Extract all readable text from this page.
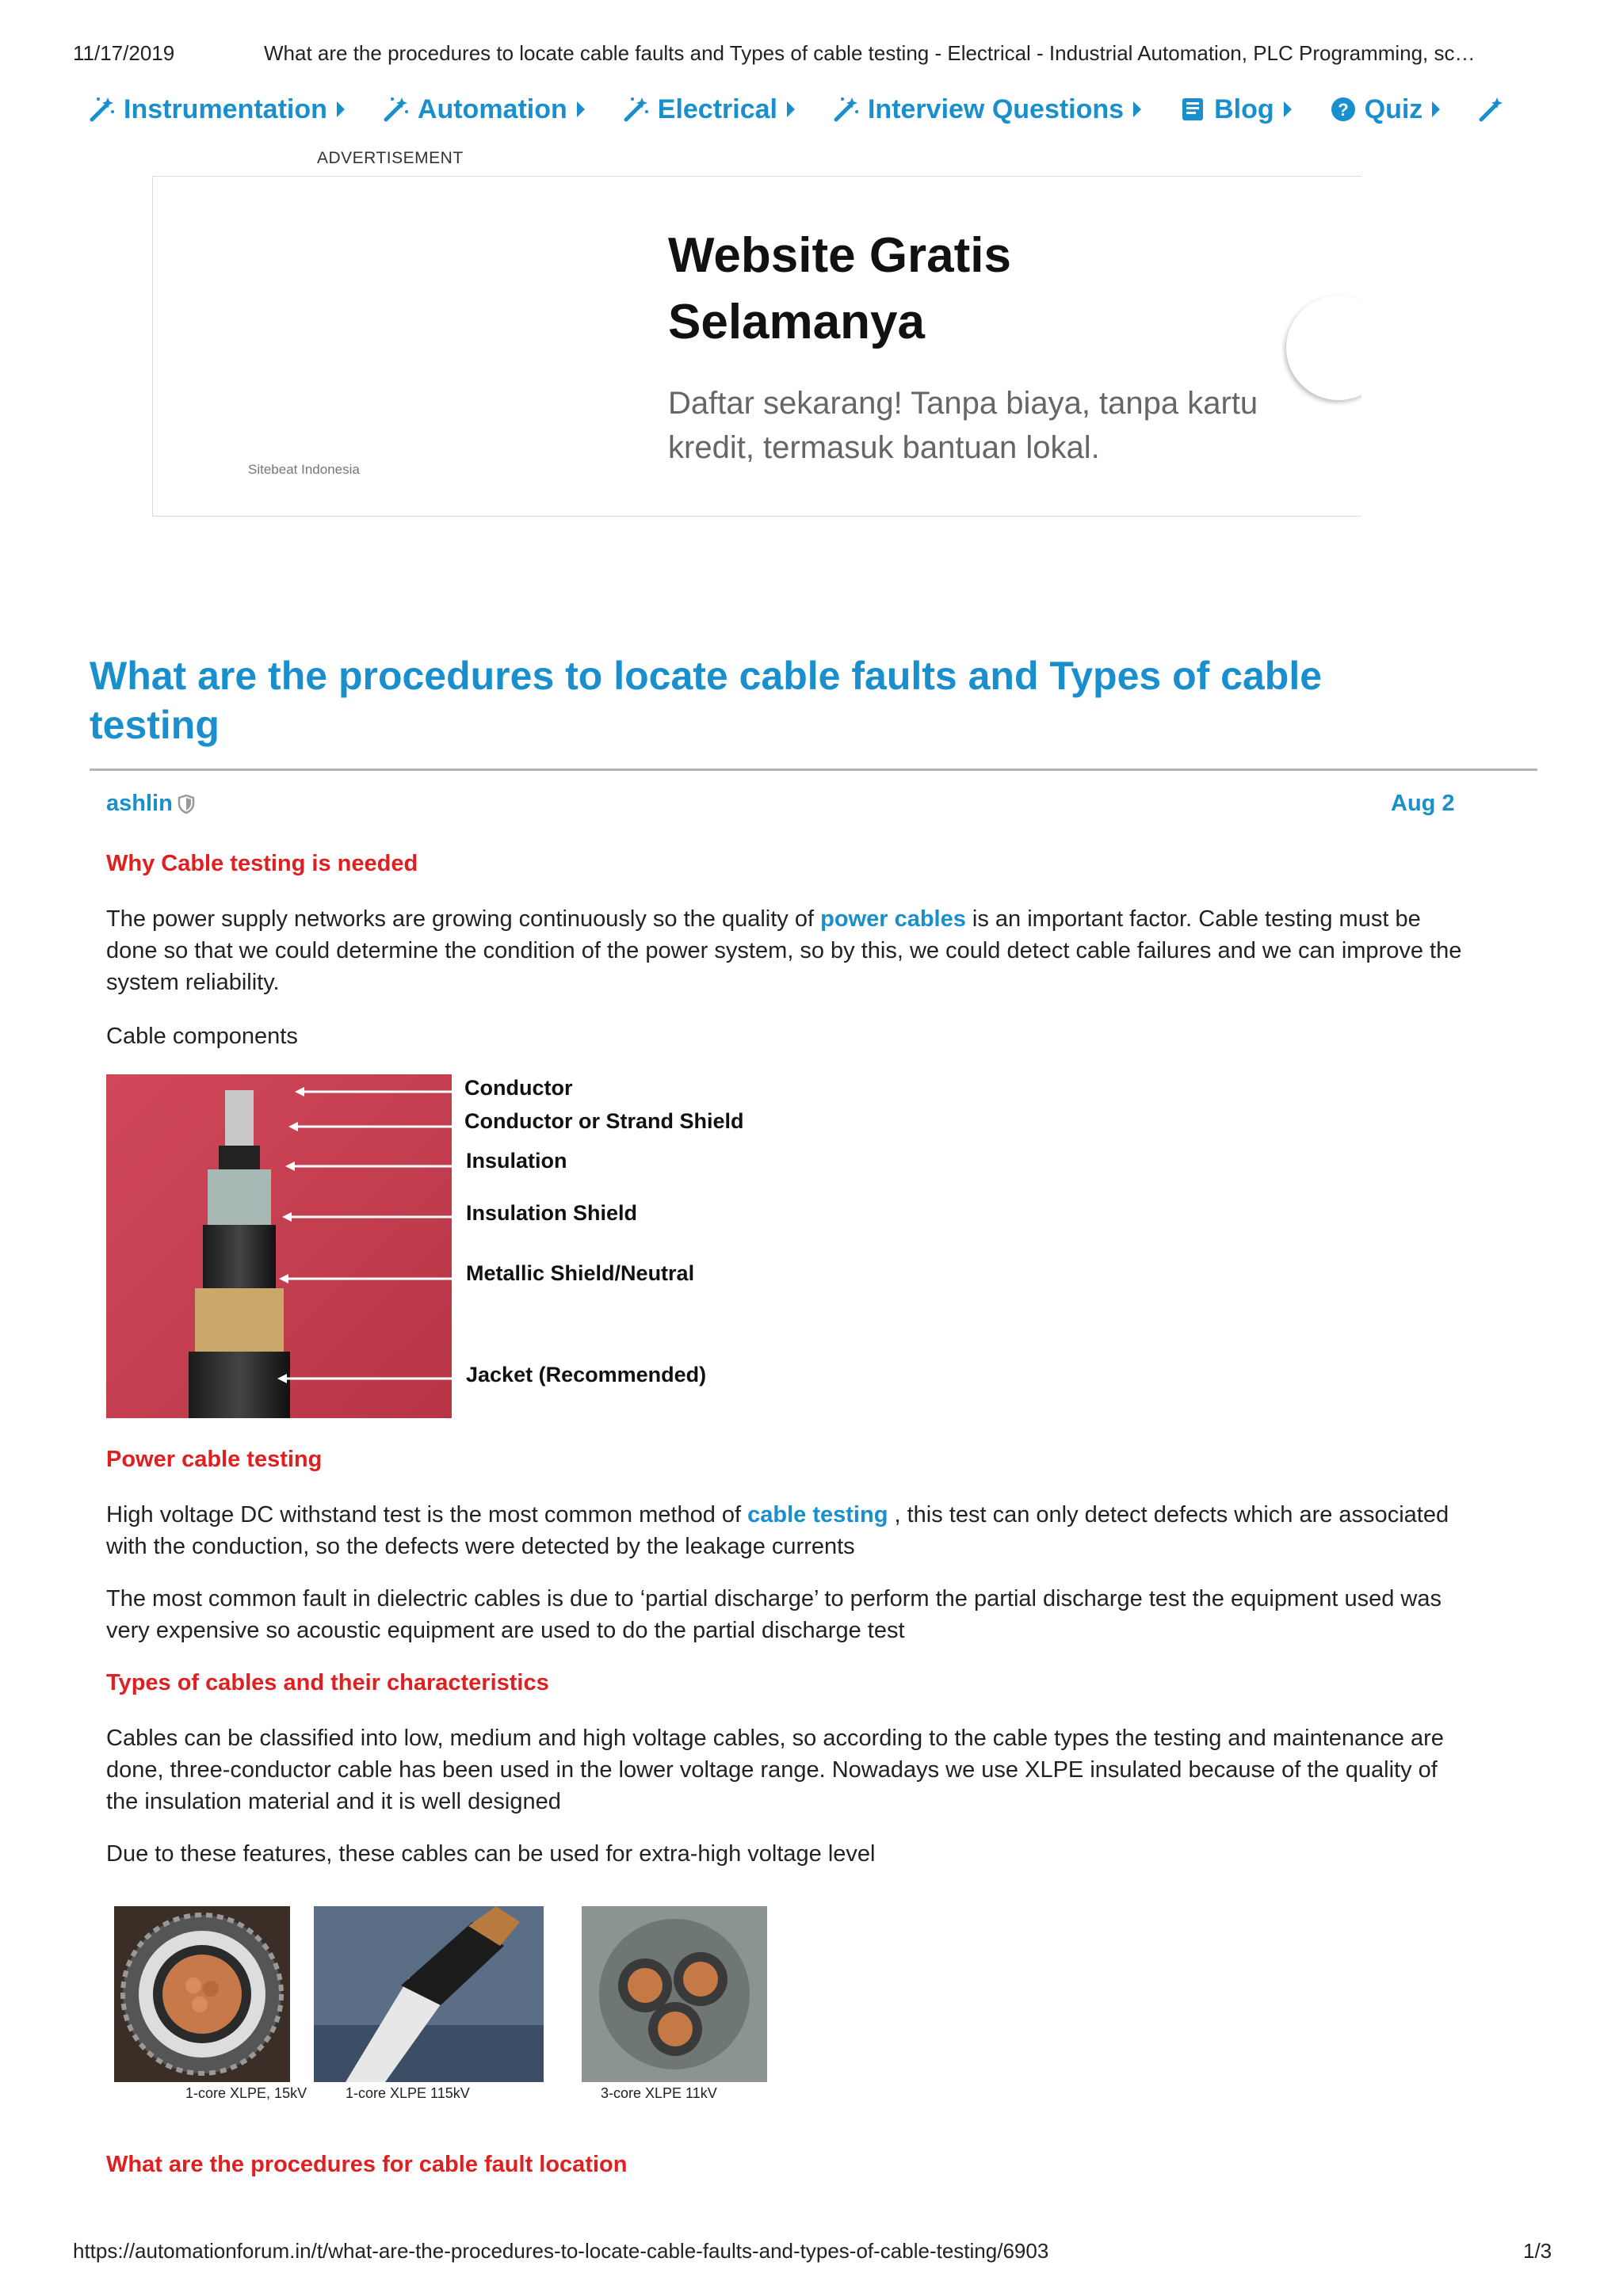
11/17/2019	What are the procedures to locate cable faults and Types of cable testing - Electrical - Industrial Automation, PLC Programming, sc…
Instrumentation	Automation	Electrical	Interview Questions	Blog	? Quiz
ADVERTISEMENT
Website Gratis Selamanya
Daftar sekarang! Tanpa biaya, tanpa kartu kredit, termasuk bantuan lokal.
Sitebeat Indonesia
What are the procedures to locate cable faults and Types of cable testing
ashlin	Aug 2

Why Cable testing is needed

The power supply networks are growing continuously so the quality of power cables is an important factor. Cable testing must be done so that we could determine the condition of the power system, so by this, we could detect cable failures and we can improve the system reliability.

Cable components

Conductor
Conductor or Strand Shield
Insulation
Insulation Shield
Metallic Shield/Neutral
Jacket (Recommended)

Power cable testing

High voltage DC withstand test is the most common method of cable testing , this test can only detect defects which are associated with the conduction, so the defects were detected by the leakage currents

The most common fault in dielectric cables is due to ‘partial discharge’ to perform the partial discharge test the equipment used was very expensive so acoustic equipment are used to do the partial discharge test

Types of cables and their characteristics

Cables can be classified into low, medium and high voltage cables, so according to the cable types the testing and maintenance are done, three-conductor cable has been used in the lower voltage range. Nowadays we use XLPE insulated because of the quality of the insulation material and it is well designed

Due to these features, these cables can be used for extra-high voltage level

1-core XLPE, 15kV	1-core XLPE 115kV	3-core XLPE 11kV

What are the procedures for cable fault location

https://automationforum.in/t/what-are-the-procedures-to-locate-cable-faults-and-types-of-cable-testing/6903	1/3
